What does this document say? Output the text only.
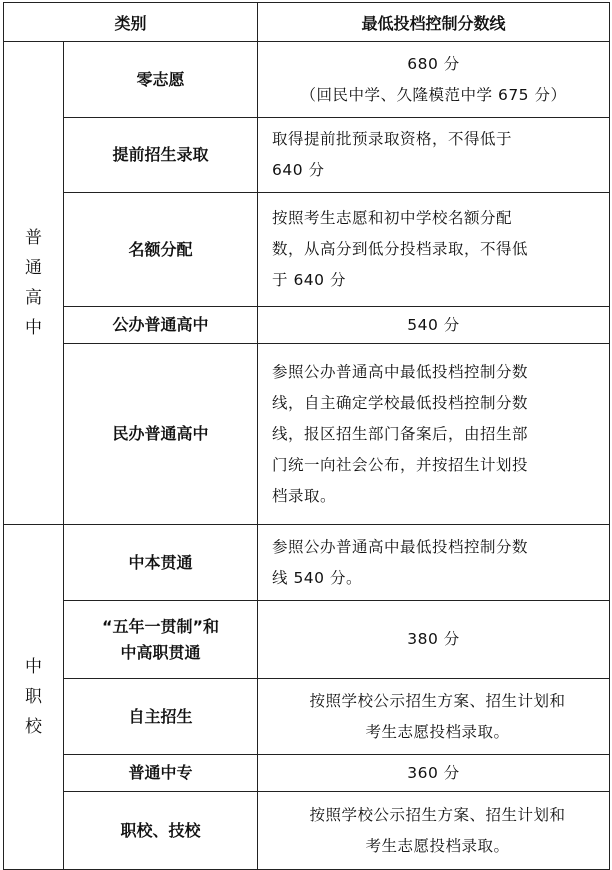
类别		最低投档控制分数线

普
通
高
中	零志愿	680 分
（回民中学、久隆模范中学 675 分）

	提前招生录取	取得提前批预录取资格，不得低于
640 分

	名额分配	按照考生志愿和初中学校名额分配
数，从高分到低分投档录取，不得低
于 640 分

	公办普通高中	540 分

	民办普通高中	参照公办普通高中最低投档控制分数
线，自主确定学校最低投档控制分数
线，报区招生部门备案后，由招生部
门统一向社会公布，并按招生计划投
档录取。

中
职
校	中本贯通	参照公办普通高中最低投档控制分数
线 540 分。

	“五年一贯制”和
中高职贯通	380 分

	自主招生	按照学校公示招生方案、招生计划和
考生志愿投档录取。

	普通中专	360 分

	职校、技校	按照学校公示招生方案、招生计划和
考生志愿投档录取。
